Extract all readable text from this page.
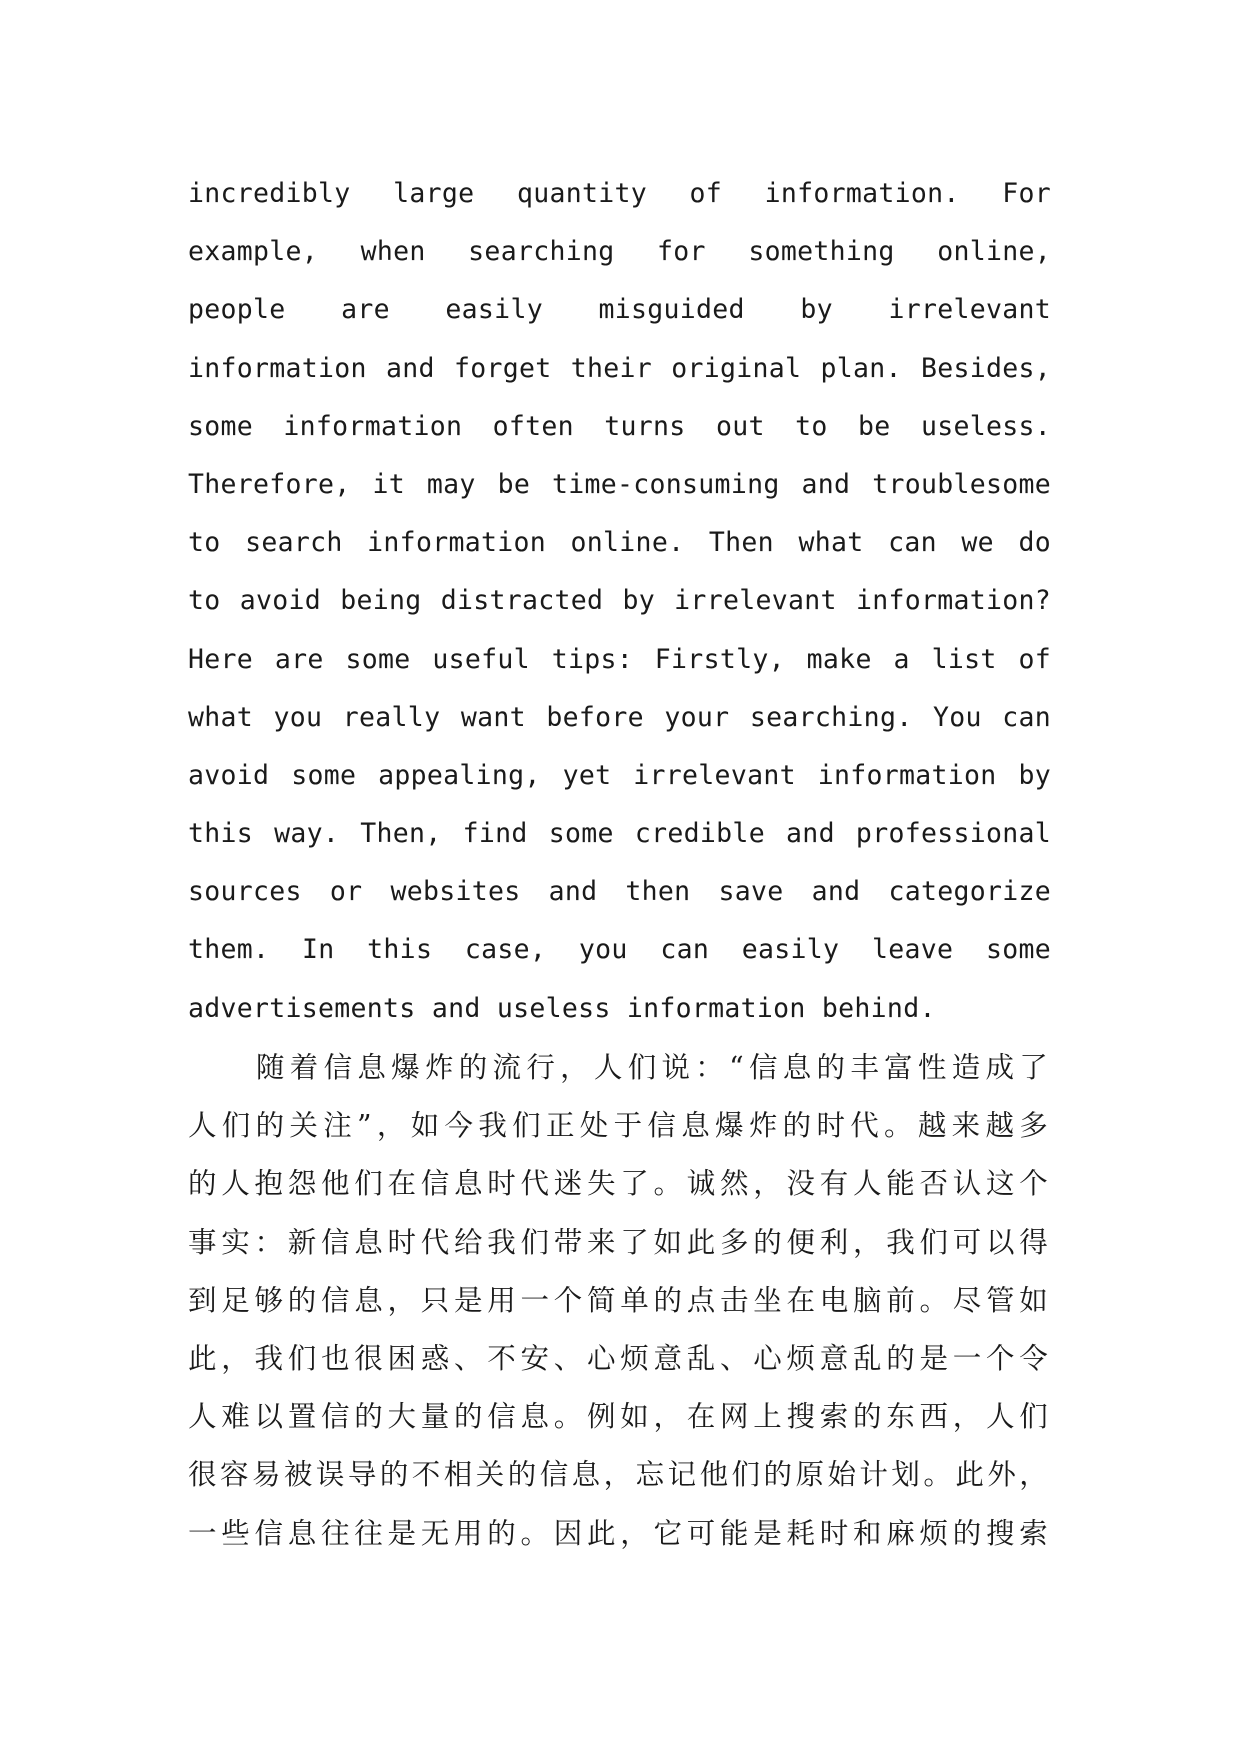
incredibly large quantity of information. For
example, when searching for something online,
people are easily misguided by irrelevant
information and forget their original plan. Besides,
some information often turns out to be useless.
Therefore, it may be time-consuming and troublesome
to search information online. Then what can we do
to avoid being distracted by irrelevant information?
Here are some useful tips: Firstly, make a list of
what you really want before your searching. You can
avoid some appealing, yet irrelevant information by
this way. Then, find some credible and professional
sources or websites and then save and categorize
them. In this case, you can easily leave some
advertisements and useless information behind.
随着信息爆炸的流行，人们说：“信息的丰富性造成了
人们的关注”，如今我们正处于信息爆炸的时代。越来越多
的人抱怨他们在信息时代迷失了。诚然，没有人能否认这个
事实：新信息时代给我们带来了如此多的便利，我们可以得
到足够的信息，只是用一个简单的点击坐在电脑前。尽管如
此，我们也很困惑、不安、心烦意乱、心烦意乱的是一个令
人难以置信的大量的信息。例如，在网上搜索的东西，人们
很容易被误导的不相关的信息，忘记他们的原始计划。此外，
一些信息往往是无用的。因此，它可能是耗时和麻烦的搜索
